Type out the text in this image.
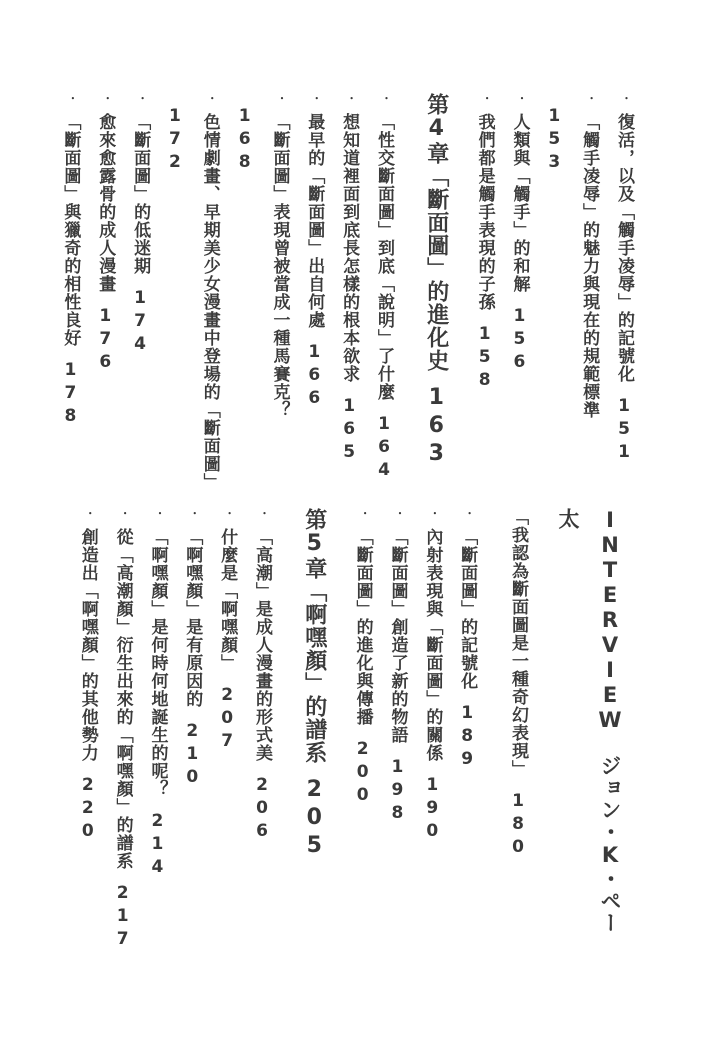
・復活，以及「觸手凌辱」的記號化151
・「觸手凌辱」的魅力與現在的規範標準153
・人類與「觸手」的和解156
・我們都是觸手表現的子孫158
第4章「斷面圖」的進化史163
・「性交斷面圖」到底「說明」了什麼164
・想知道裡面到底長怎樣的根本欲求165
・最早的「斷面圖」出自何處166
・「斷面圖」表現曾被當成一種馬賽克？168
・色情劇畫、早期美少女漫畫中登場的「斷面圖」172
・「斷面圖」的低迷期174
・愈來愈露骨的成人漫畫176
・「斷面圖」與獵奇的相性良好178
INTERVIEW　ジョン・K・ペー太
「我認為斷面圖是一種奇幻表現」180
・「斷面圖」的記號化189
・內射表現與「斷面圖」的關係190
・「斷面圖」創造了新的物語198
・「斷面圖」的進化與傳播200
第5章「啊嘿顏」的譜系205
・「高潮」是成人漫畫的形式美206
・什麼是「啊嘿顏」207
・「啊嘿顏」是有原因的210
・「啊嘿顏」是何時何地誕生的呢？214
・從「高潮顏」衍生出來的「啊嘿顏」的譜系217
・創造出「啊嘿顏」的其他勢力220
